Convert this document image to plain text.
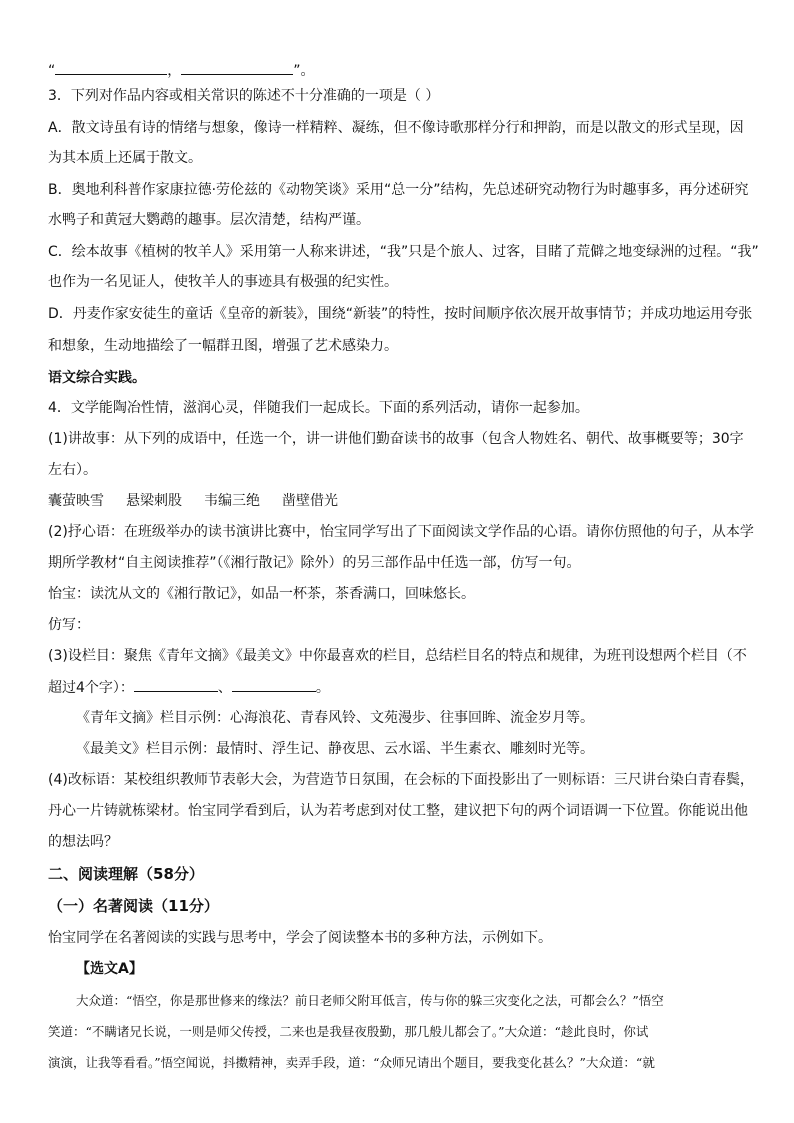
“	，	”。
3．下列对作品内容或相关常识的陈述不十分准确的一项是（ ）
A．散文诗虽有诗的情绪与想象，像诗一样精粹、凝练，但不像诗歌那样分行和押韵，而是以散文的形式呈现，因
为其本质上还属于散文。
B．奥地利科普作家康拉德·劳伦兹的《动物笑谈》采用“总一分”结构，先总述研究动物行为时趣事多，再分述研究
水鸭子和黄冠大鹦鹉的趣事。层次清楚，结构严谨。
C．绘本故事《植树的牧羊人》采用第一人称来讲述，“我”只是个旅人、过客，目睹了荒僻之地变绿洲的过程。“我”
也作为一名见证人，使牧羊人的事迹具有极强的纪实性。
D．丹麦作家安徒生的童话《皇帝的新装》，围绕“新装”的特性，按时间顺序依次展开故事情节；并成功地运用夸张
和想象，生动地描绘了一幅群丑图，增强了艺术感染力。
语文综合实践。
4．文学能陶冶性情，滋润心灵，伴随我们一起成长。下面的系列活动，请你一起参加。
(1)讲故事：从下列的成语中，任选一个，讲一讲他们勤奋读书的故事（包含人物姓名、朝代、故事概要等；30字
左右）。
囊萤映雪 悬梁刺股 韦编三绝 凿壁借光
(2)抒心语：在班级举办的读书演讲比赛中，怡宝同学写出了下面阅读文学作品的心语。请你仿照他的句子，从本学
期所学教材“自主阅读推荐”（《湘行散记》除外）的另三部作品中任选一部，仿写一句。
怡宝：读沈从文的《湘行散记》，如品一杯茶，茶香满口，回味悠长。
仿写：
(3)设栏目：聚焦《青年文摘》《最美文》中你最喜欢的栏目，总结栏目名的特点和规律，为班刊设想两个栏目（不
超过4个字）：	、	。
《青年文摘》栏目示例：心海浪花、青春风铃、文苑漫步、往事回眸、流金岁月等。
《最美文》栏目示例：最情时、浮生记、静夜思、云水谣、半生素衣、雕刻时光等。
(4)改标语：某校组织教师节表彰大会，为营造节日氛围，在会标的下面投影出了一则标语：三尺讲台染白青春鬓，
丹心一片铸就栋梁材。怡宝同学看到后，认为若考虑到对仗工整，建议把下句的两个词语调一下位置。你能说出他
的想法吗？
二、阅读理解（58分）
（一）名著阅读（11分）
怡宝同学在名著阅读的实践与思考中，学会了阅读整本书的多种方法，示例如下。
【选文A】
大众道：“悟空，你是那世修来的缘法？前日老师父附耳低言，传与你的躲三灾变化之法，可都会么？”悟空
笑道：“不瞒诸兄长说，一则是师父传授，二来也是我昼夜殷勤，那几般儿都会了。”大众道：“趁此良时，你试
演演，让我等看看。”悟空闻说，抖擞精神，卖弄手段，道：“众师兄请出个题目，要我变化甚么？”大众道：“就
